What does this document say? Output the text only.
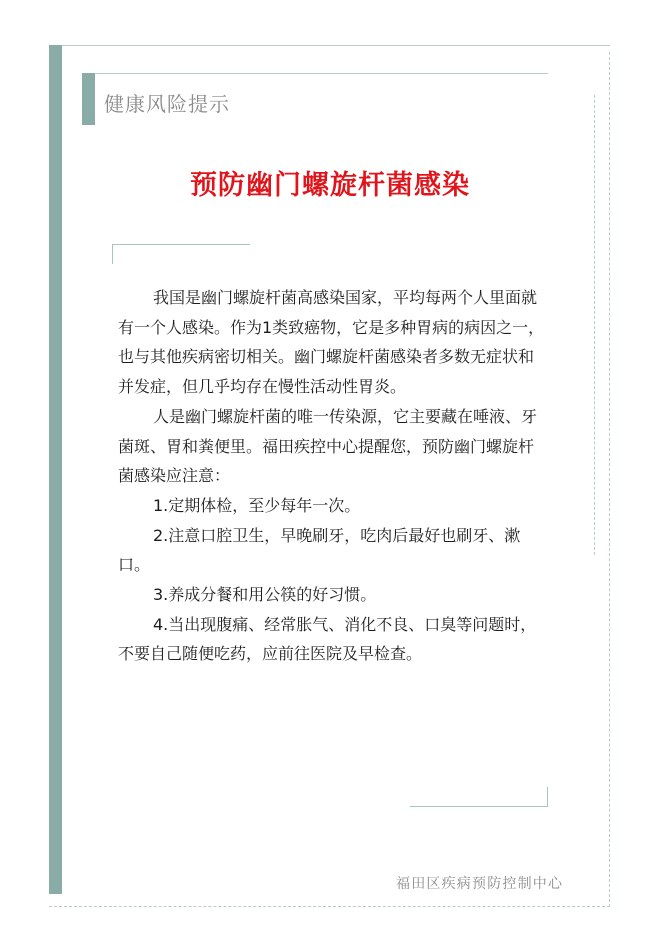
健康风险提示
预防幽门螺旋杆菌感染

我国是幽门螺旋杆菌高感染国家，平均每两个人里面就有一个人感染。作为1类致癌物，它是多种胃病的病因之一，也与其他疾病密切相关。幽门螺旋杆菌感染者多数无症状和并发症，但几乎均存在慢性活动性胃炎。

人是幽门螺旋杆菌的唯一传染源，它主要藏在唾液、牙菌斑、胃和粪便里。福田疾控中心提醒您，预防幽门螺旋杆菌感染应注意：

1.定期体检，至少每年一次。

2.注意口腔卫生，早晚刷牙，吃肉后最好也刷牙、漱口。

3.养成分餐和用公筷的好习惯。

4.当出现腹痛、经常胀气、消化不良、口臭等问题时，不要自己随便吃药，应前往医院及早检查。

福田区疾病预防控制中心
